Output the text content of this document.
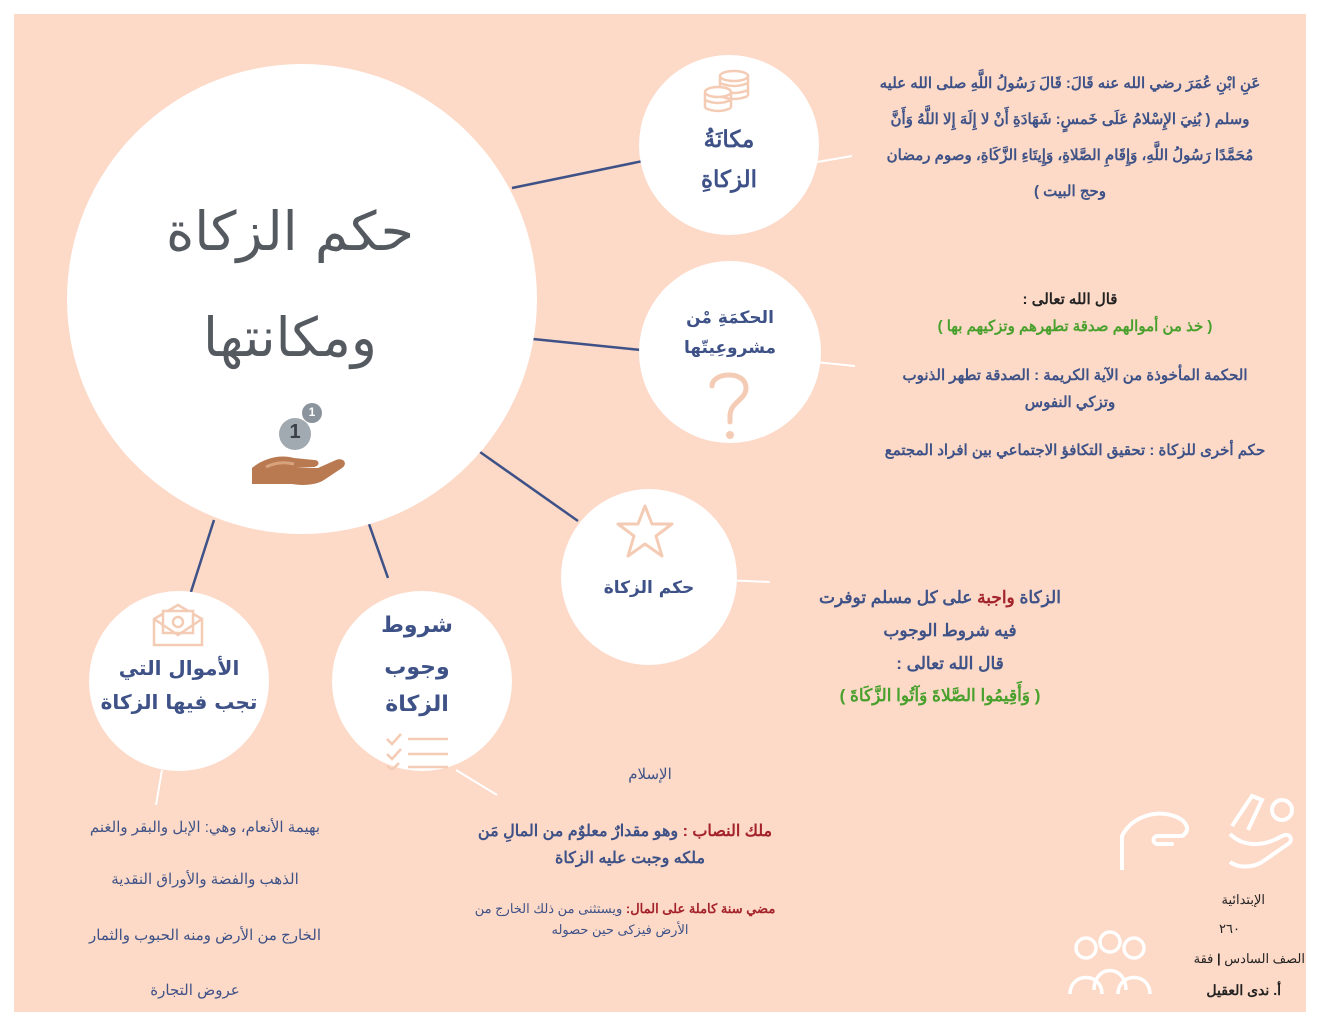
حكم الزكاة
ومكانتها
1
1
مكانَةُ
الزكاةِ
عَنِ ابْنِ عُمَرَ رضي الله عنه قَالَ: قَالَ رَسُولُ اللَّهِ صلى الله عليه
وسلم ( بُنِيَ الإِسْلامُ عَلَى خَمسٍ: شَهَادَةِ أَنْ لا إِلَهَ إِلا اللَّهُ وَأَنَّ
مُحَمَّدًا رَسُولُ اللَّهِ، وَإِقَامِ الصَّلاةِ، وَإِيتَاءِ الزَّكَاةِ، وصوم رمضان
وحج البيت )
الحكمَةِ مْن
مشروعِيتّها
قال الله تعالى :
( خذ من أموالهم صدقة تطهرهم وتزكيهم بها )
الحكمة المأخوذة من الآية الكريمة : الصدقة تطهر الذنوب
وتزكي النفوس
حكم أخرى للزكاة : تحقيق التكافؤ الاجتماعي بين افراد المجتمع
حكم الزكاة	الزكاة واجبة على كل مسلم توفرت
فيه شروط الوجوب
قال الله تعالى :
( وَأَقِيمُوا الصَّلاةَ وَآتُوا الزَّكَاةَ )
شروط
وجوب
الزكاة
الإسلام
ملك النصاب : وهو مقدارٌ معلوٌم من المالِ مَن
ملكه وجبت عليه الزكاة
مضي سنة كاملة على المال: ويستثنى من ذلك الخارج من
الأرض فيزكى حين حصوله
الأموال التي
تجب فيها الزكاة
بهيمة الأنعام، وهي: الإبل والبقر والغنم
الذهب والفضة والأوراق النقدية
الخارج من الأرض ومنه الحبوب والثمار
عروض التجارة
الإبتدائية
٢٦٠
الصف السادس | فقة
أ. ندى العقيل
